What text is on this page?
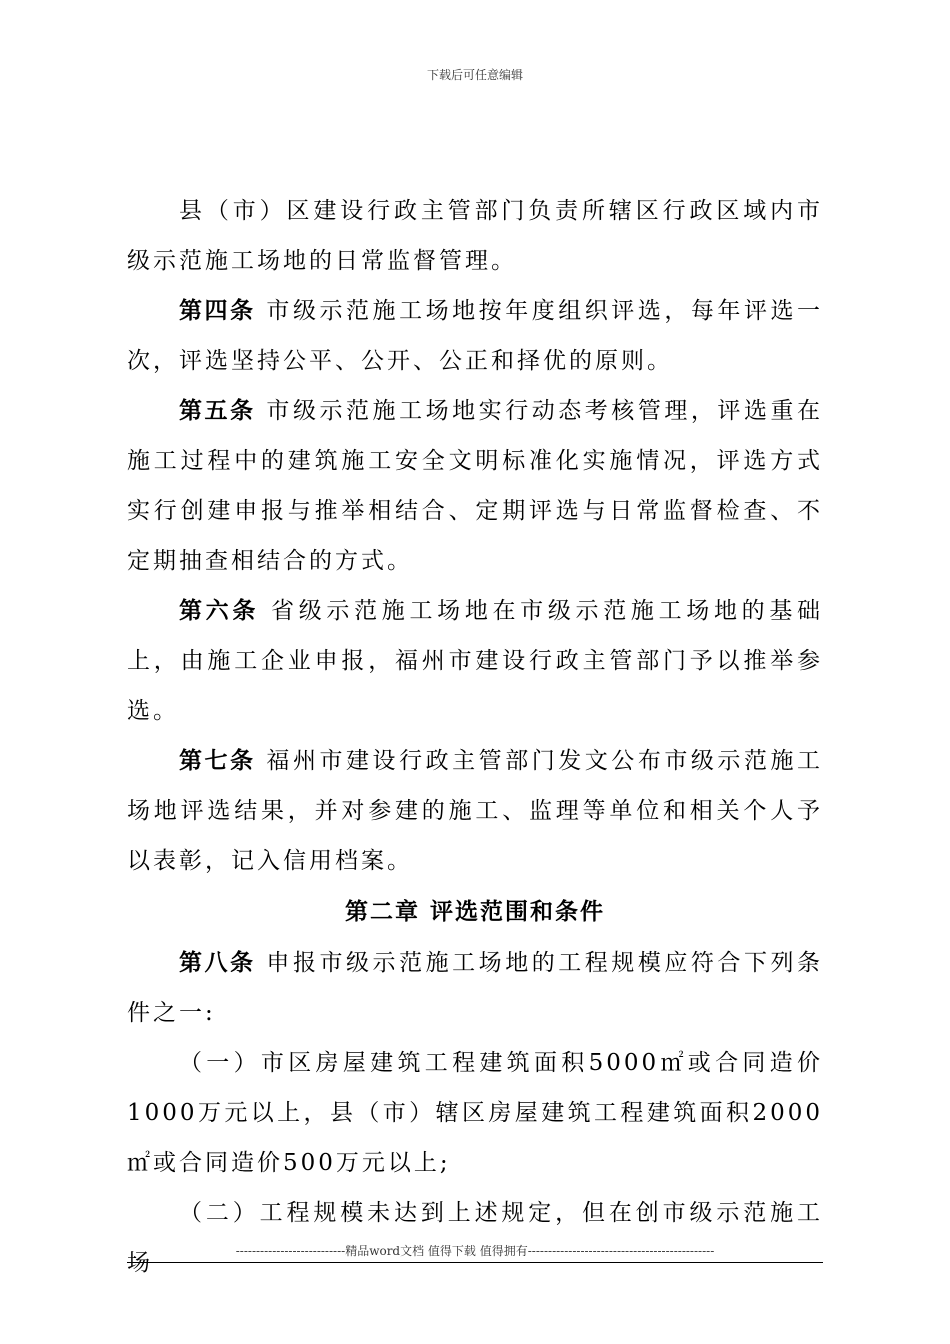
下载后可任意编辑

县（市）区建设行政主管部门负责所辖区行政区域内市级示范施工场地的日常监督管理。

第四条 市级示范施工场地按年度组织评选，每年评选一次，评选坚持公平、公开、公正和择优的原则。

第五条 市级示范施工场地实行动态考核管理，评选重在施工过程中的建筑施工安全文明标准化实施情况，评选方式实行创建申报与推举相结合、定期评选与日常监督检查、不定期抽查相结合的方式。

第六条 省级示范施工场地在市级示范施工场地的基础上，由施工企业申报，福州市建设行政主管部门予以推举参选。

第七条 福州市建设行政主管部门发文公布市级示范施工场地评选结果，并对参建的施工、监理等单位和相关个人予以表彰，记入信用档案。

第二章 评选范围和条件

第八条 申报市级示范施工场地的工程规模应符合下列条件之一:

（一）市区房屋建筑工程建筑面积5000㎡或合同造价1000万元以上，县（市）辖区房屋建筑工程建筑面积2000㎡或合同造价500万元以上;

（二）工程规模未达到上述规定，但在创市级示范施工场	---------------------------精品word文档 值得下载 值得拥有----------------------------------------------
